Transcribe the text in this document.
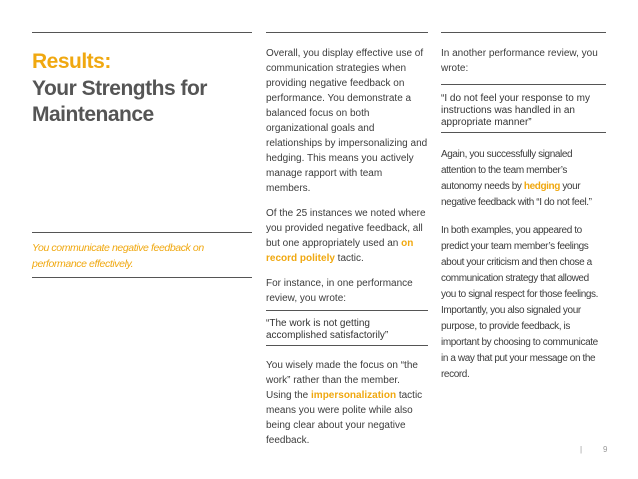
Results:
Your Strengths for Maintenance
You communicate negative feedback on performance effectively.

Overall, you display effective use of communication strategies when providing negative feedback on performance. You demonstrate a balanced focus on both organizational goals and relationships by impersonalizing and hedging. This means you actively manage rapport with team members.

Of the 25 instances we noted where you provided negative feedback, all but one appropriately used an on record politely tactic.

For instance, in one performance review, you wrote:

“The work is not getting accomplished satisfactorily”

You wisely made the focus on “the work” rather than the member. Using the impersonalization tactic means you were polite while also being clear about your negative feedback.

In another performance review, you wrote:

“I do not feel your response to my instructions was handled in an appropriate manner”

Again, you successfully signaled attention to the team member’s autonomy needs by hedging your negative feedback with “I do not feel.”

In both examples, you appeared to predict your team member’s feelings about your criticism and then chose a communication strategy that allowed you to signal respect for those feelings. Importantly, you also signaled your purpose, to provide feedback, is important by choosing to communicate in a way that put your message on the record.

|	9
